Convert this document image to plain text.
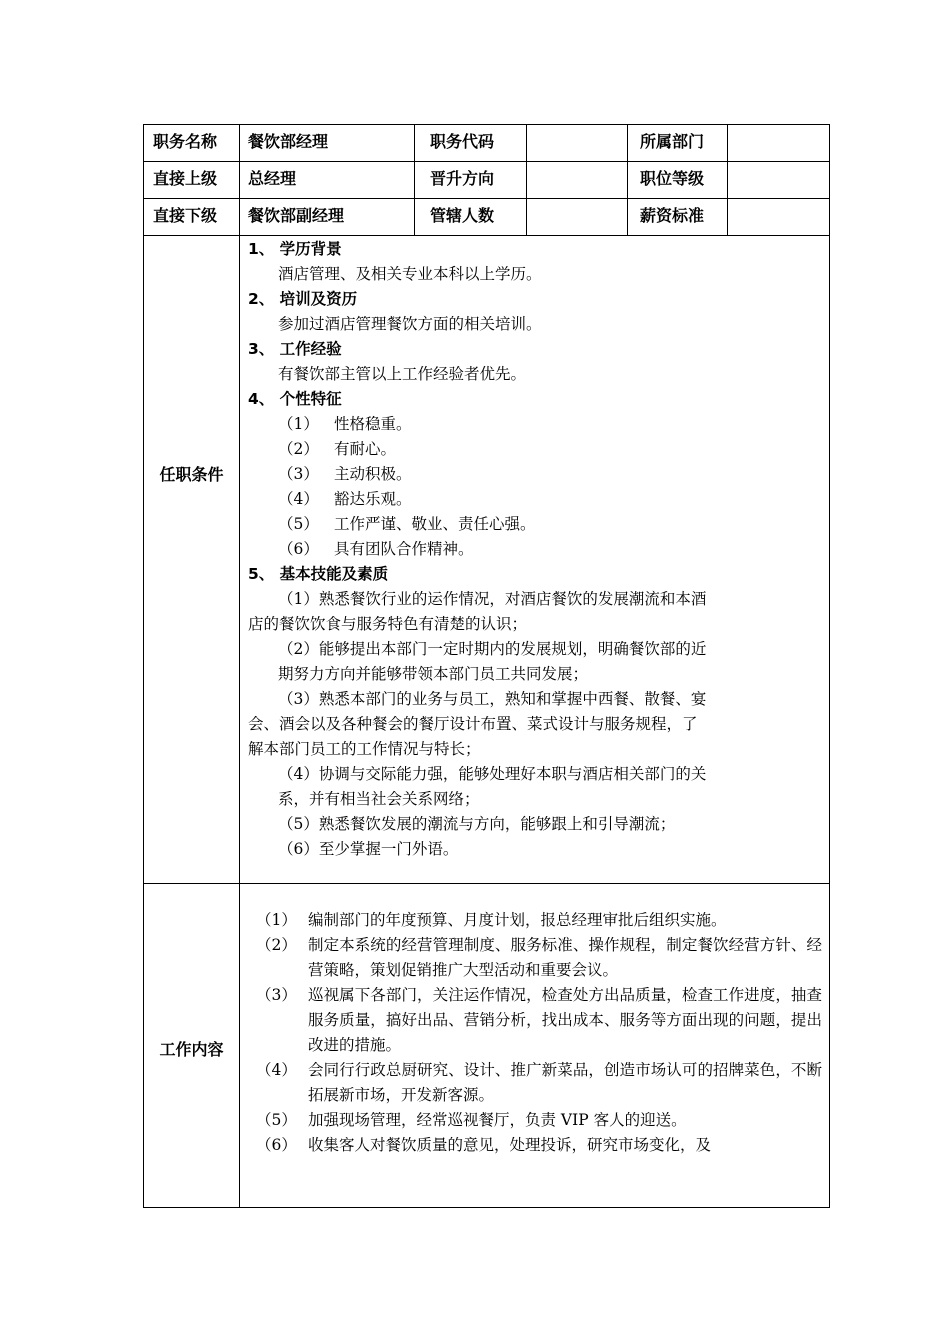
职务名称 餐饮部经理	职务代码	所属部门
直接上级 总经理	晋升方向	职位等级
直接下级 餐饮部副经理	管辖人数	薪资标准
任职条件
1、 学历背景
酒店管理、及相关专业本科以上学历。
2、 培训及资历
参加过酒店管理餐饮方面的相关培训。
3、 工作经验
有餐饮部主管以上工作经验者优先。
4、 个性特征
（1） 性格稳重。
（2） 有耐心。
（3） 主动积极。
（4） 豁达乐观。
（5） 工作严谨、敬业、责任心强。
（6） 具有团队合作精神。
5、 基本技能及素质
（1）熟悉餐饮行业的运作情况，对酒店餐饮的发展潮流和本酒
店的餐饮饮食与服务特色有清楚的认识；
（2）能够提出本部门一定时期内的发展规划，明确餐饮部的近
期努力方向并能够带领本部门员工共同发展；
（3）熟悉本部门的业务与员工，熟知和掌握中西餐、散餐、宴
会、酒会以及各种餐会的餐厅设计布置、菜式设计与服务规程，了
解本部门员工的工作情况与特长；
（4）协调与交际能力强，能够处理好本职与酒店相关部门的关
系，并有相当社会关系网络；
（5）熟悉餐饮发展的潮流与方向，能够跟上和引导潮流；
（6）至少掌握一门外语。
工作内容
（1） 编制部门的年度预算、月度计划，报总经理审批后组织实施。
（2） 制定本系统的经营管理制度、服务标准、操作规程，制定餐饮经营方针、经营策略，策划促销推广大型活动和重要会议。
（3） 巡视属下各部门，关注运作情况，检查处方出品质量，检查工作进度，抽查服务质量，搞好出品、营销分析，找出成本、服务等方面出现的问题，提出改进的措施。
（4） 会同行行政总厨研究、设计、推广新菜品，创造市场认可的招牌菜色，不断拓展新市场，开发新客源。
（5） 加强现场管理，经常巡视餐厅，负责 VIP 客人的迎送。
（6） 收集客人对餐饮质量的意见，处理投诉，研究市场变化，及
